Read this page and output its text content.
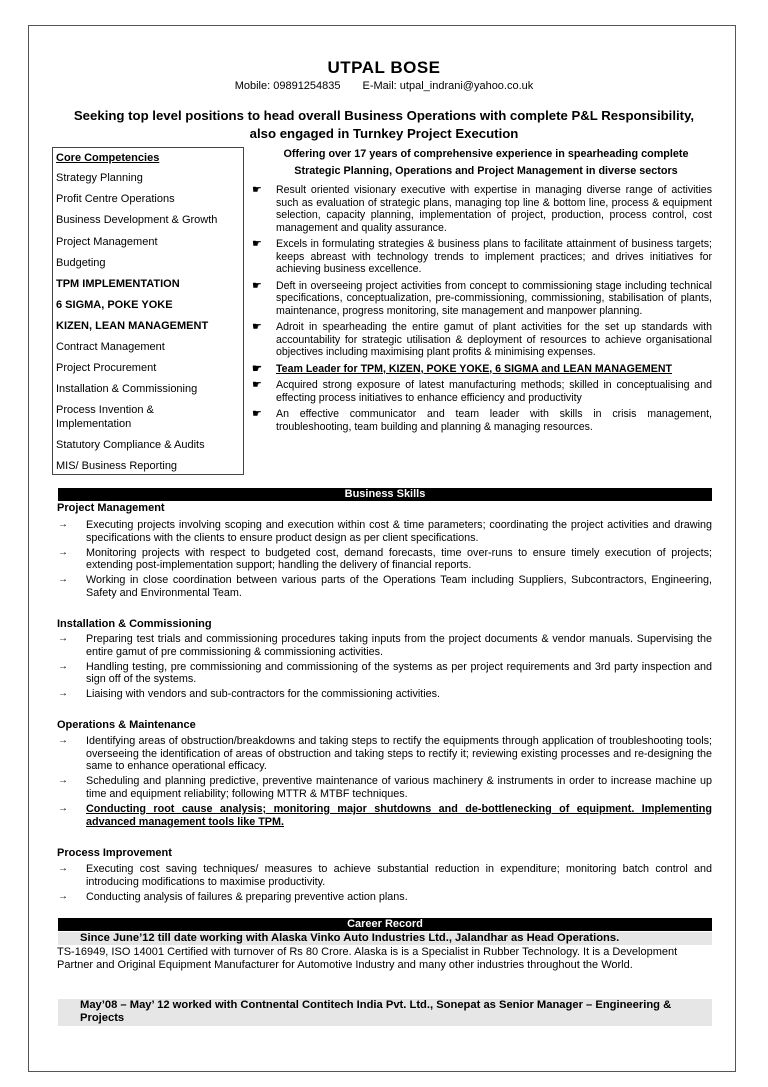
UTPAL BOSE
Mobile: 09891254835 E-Mail: utpal_indrani@yahoo.co.uk
Seeking top level positions to head overall Business Operations with complete P&L Responsibility, also engaged in Turnkey Project Execution
Core Competencies
Strategy Planning
Profit Centre Operations
Business Development & Growth
Project Management
Budgeting
TPM IMPLEMENTATION
6 SIGMA, POKE YOKE
KIZEN, LEAN MANAGEMENT
Contract Management
Project Procurement
Installation & Commissioning
Process Invention & Implementation
Statutory Compliance & Audits
MIS/ Business Reporting
Offering over 17 years of comprehensive experience in spearheading complete
Strategic Planning, Operations and Project Management in diverse sectors
☛ Result oriented visionary executive with expertise in managing diverse range of activities such as evaluation of strategic plans, managing top line & bottom line, process & equipment selection, capacity planning, implementation of project, production, process control, cost management and quality assurance.
☛ Excels in formulating strategies & business plans to facilitate attainment of business targets; keeps abreast with technology trends to implement practices; and drives initiatives for achieving business excellence.
☛ Deft in overseeing project activities from concept to commissioning stage including technical specifications, conceptualization, pre-commissioning, commissioning, stabilisation of plants, maintenance, progress monitoring, site management and manpower planning.
☛ Adroit in spearheading the entire gamut of plant activities for the set up standards with accountability for strategic utilisation & deployment of resources to achieve organisational objectives including maximising plant profits & minimising expenses.
☛ Team Leader for TPM, KIZEN, POKE YOKE, 6 SIGMA and LEAN MANAGEMENT
☛ Acquired strong exposure of latest manufacturing methods; skilled in conceptualising and effecting process initiatives to enhance efficiency and productivity
☛ An effective communicator and team leader with skills in crisis management, troubleshooting, team building and planning & managing resources.
Business Skills
Project Management
→ Executing projects involving scoping and execution within cost & time parameters; coordinating the project activities and drawing specifications with the clients to ensure product design as per client specifications.
→ Monitoring projects with respect to budgeted cost, demand forecasts, time over-runs to ensure timely execution of projects; extending post-implementation support; handling the delivery of financial reports.
→ Working in close coordination between various parts of the Operations Team including Suppliers, Subcontractors, Engineering, Safety and Environmental Team.
Installation & Commissioning
→ Preparing test trials and commissioning procedures taking inputs from the project documents & vendor manuals. Supervising the entire gamut of pre commissioning & commissioning activities.
→ Handling testing, pre commissioning and commissioning of the systems as per project requirements and 3rd party inspection and sign off of the systems.
→ Liaising with vendors and sub-contractors for the commissioning activities.
Operations & Maintenance
→ Identifying areas of obstruction/breakdowns and taking steps to rectify the equipments through application of troubleshooting tools; overseeing the identification of areas of obstruction and taking steps to rectify it; reviewing existing processes and re-designing the same to enhance operational efficacy.
→ Scheduling and planning predictive, preventive maintenance of various machinery & instruments in order to increase machine up time and equipment reliability; following MTTR & MTBF techniques.
→ Conducting root cause analysis; monitoring major shutdowns and de-bottlenecking of equipment. Implementing advanced management tools like TPM.
Process Improvement
→ Executing cost saving techniques/ measures to achieve substantial reduction in expenditure; monitoring batch control and introducing modifications to maximise productivity.
→ Conducting analysis of failures & preparing preventive action plans.
Career Record
Since June’12 till date working with Alaska Vinko Auto Industries Ltd., Jalandhar as Head Operations.
TS-16949, ISO 14001 Certified with turnover of Rs 80 Crore. Alaska is is a Specialist in Rubber Technology. It is a Development Partner and Original Equipment Manufacturer for Automotive Industry and many other industries throughout the World.
May’08 – May’ 12 worked with Contnental Contitech India Pvt. Ltd., Sonepat as Senior Manager – Engineering & Projects
